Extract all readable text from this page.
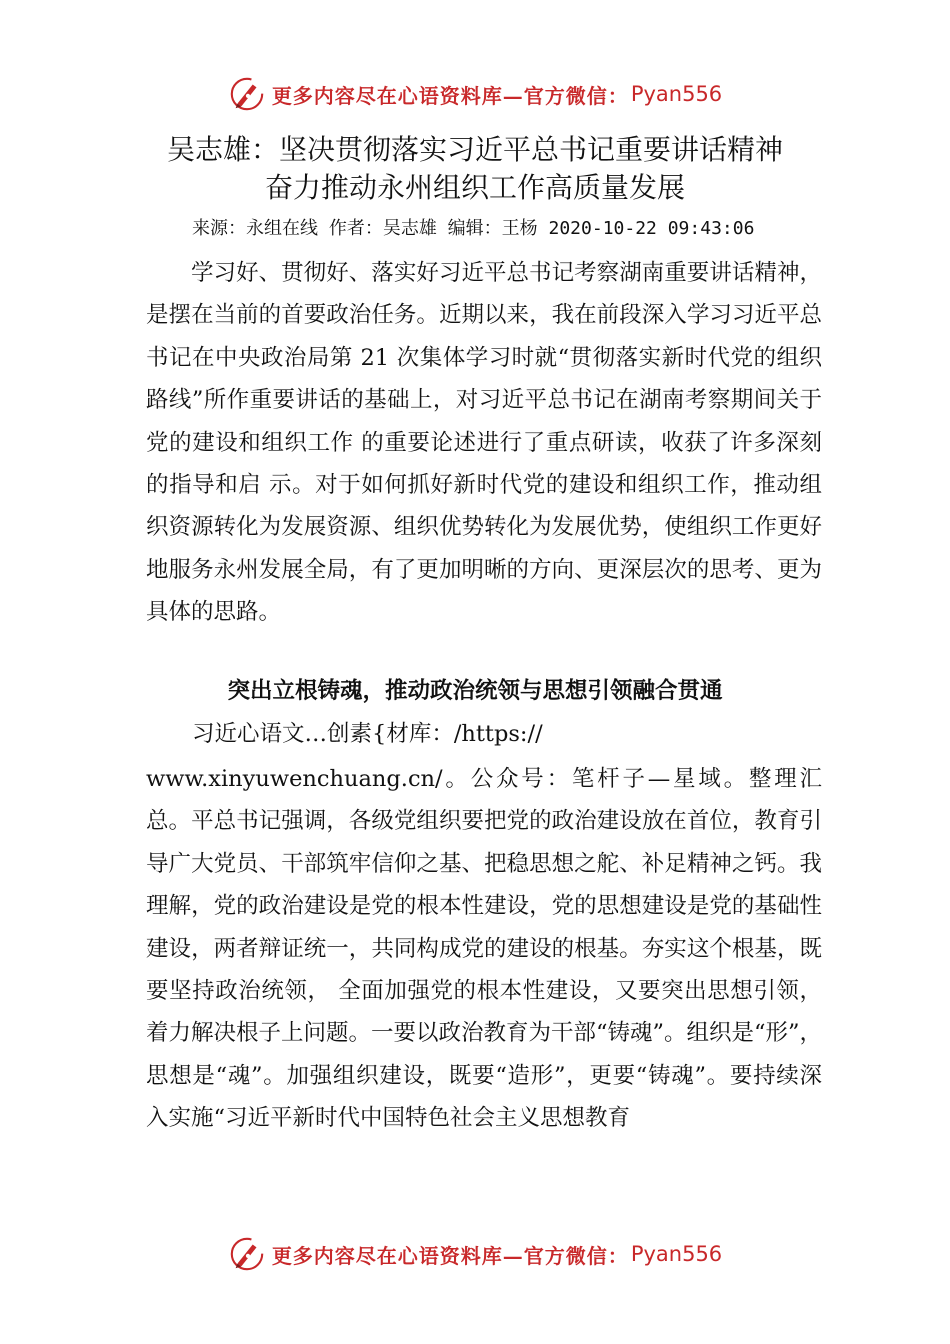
更多内容尽在心语资料库—官方微信： Pyan556
吴志雄：坚决贯彻落实习近平总书记重要讲话精神
奋力推动永州组织工作高质量发展
来源：永组在线 作者：吴志雄 编辑：王杨 2020-10-22 09:43:06
学习好、贯彻好、落实好习近平总书记考察湖南重要讲话精神，是摆在当前的首要政治任务。近期以来，我在前段深入学习习近平总书记在中央政治局第 21 次集体学习时就“贯彻落实新时代党的组织路线”所作重要讲话的基础上，对习近平总书记在湖南考察期间关于党的建设和组织工作 的重要论述进行了重点研读，收获了许多深刻的指导和启 示。对于如何抓好新时代党的建设和组织工作，推动组织资源转化为发展资源、组织优势转化为发展优势，使组织工作更好地服务永州发展全局，有了更加明晰的方向、更深层次的思考、更为具体的思路。
突出立根铸魂，推动政治统领与思想引领融合贯通
习近心语文…创素{材库：/https://
www.xinyuwenchuang.cn/。公众号：笔杆子—星域。整理汇总。平总书记强调，各级党组织要把党的政治建设放在首位，教育引导广大党员、干部筑牢信仰之基、把稳思想之舵、补足精神之钙。我理解，党的政治建设是党的根本性建设，党的思想建设是党的基础性建设，两者辩证统一，共同构成党的建设的根基。夯实这个根基，既要坚持政治统领， 全面加强党的根本性建设，又要突出思想引领，着力解决根子上问题。一要以政治教育为干部“铸魂”。组织是“形”，思想是“魂”。加强组织建设，既要“造形”，更要“铸魂”。要持续深入实施“习近平新时代中国特色社会主义思想教育
更多内容尽在心语资料库—官方微信： Pyan556
